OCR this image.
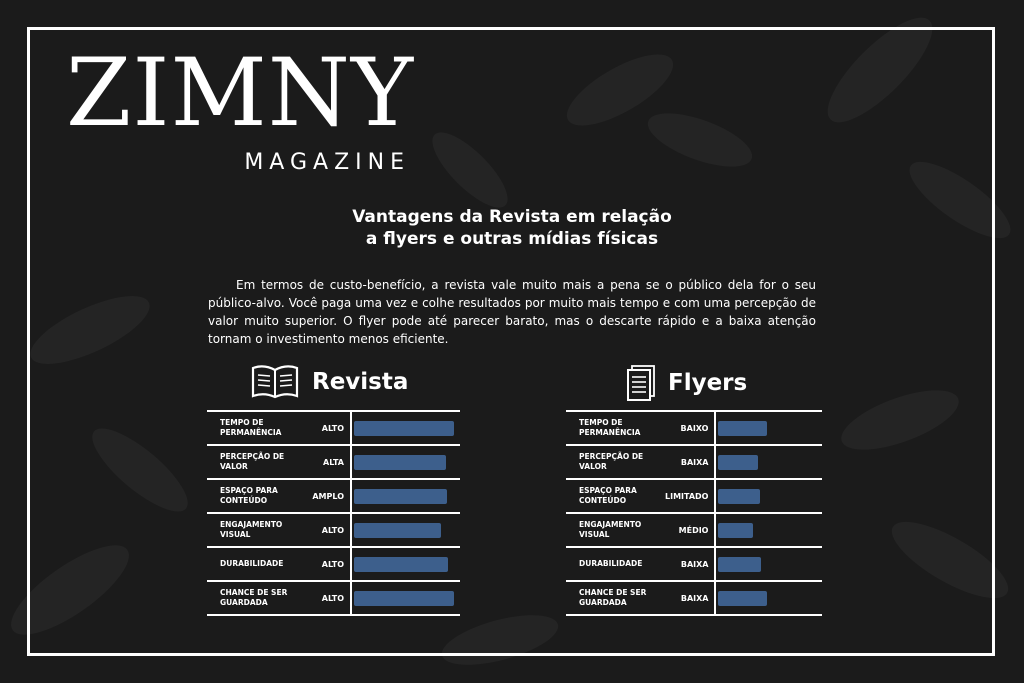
ZIMNY
MAGAZINE
Vantagens da Revista em relação
a flyers e outras mídias físicas

Em termos de custo-benefício, a revista vale muito mais a pena se o público dela for o seu público-alvo. Você paga uma vez e colhe resultados por muito mais tempo e com uma percepção de valor muito superior. O flyer pode até parecer barato, mas o descarte rápido e a baixa atenção tornam o investimento menos eficiente.

Revista
TEMPO DE PERMANÊNCIA	ALTO	

PERCEPÇÃO DE VALOR	ALTA	

ESPAÇO PARA CONTEÚDO	AMPLO	

ENGAJAMENTO VISUAL	ALTO	

DURABILIDADE	ALTO	

CHANCE DE SER GUARDADA	ALTO	
Flyers
TEMPO DE PERMANÊNCIA	BAIXO	

PERCEPÇÃO DE VALOR	BAIXA	

ESPAÇO PARA CONTEÚDO	LIMITADO	

ENGAJAMENTO VISUAL	MÉDIO	

DURABILIDADE	BAIXA	

CHANCE DE SER GUARDADA	BAIXA	
